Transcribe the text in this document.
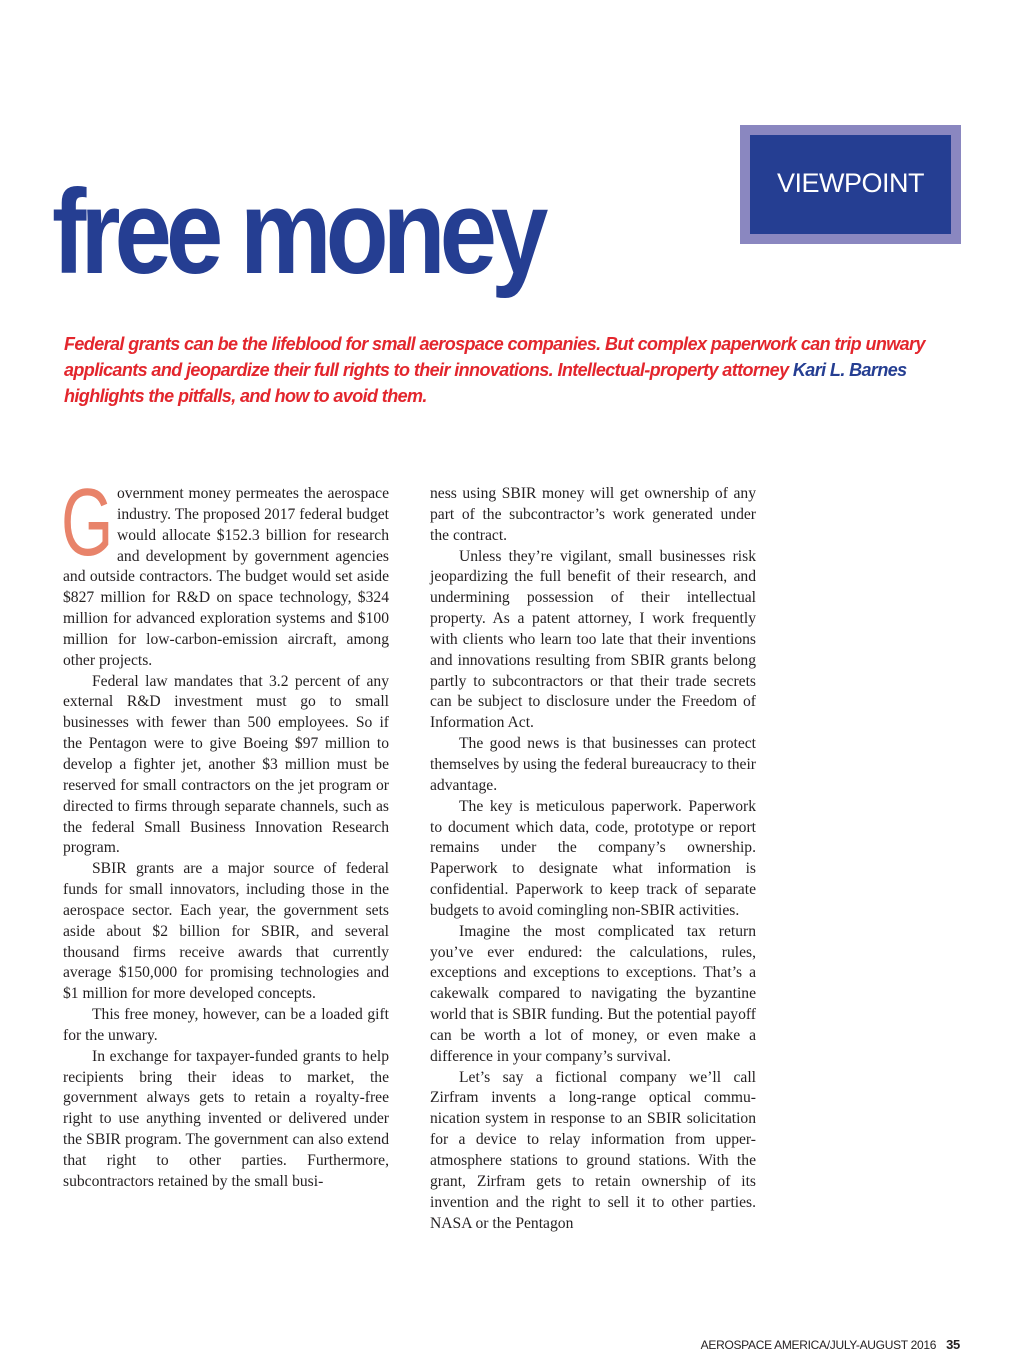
VIEWPOINT
free money

Federal grants can be the lifeblood for small aerospace companies. But complex paperwork can trip unwary applicants and jeopardize their full rights to their innovations. Intellectual-property attorney Kari L. Barnes highlights the pitfalls, and how to avoid them.

Government money permeates the aerospace industry. The proposed 2017 federal budget would allocate $152.3 billion for research and development by government agencies and outside contractors. The budget would set aside $827 million for R&D on space technology, $324 million for advanced exploration systems and $100 million for low-carbon-emission aircraft, among other projects.

Federal law mandates that 3.2 percent of any external R&D investment must go to small businesses with fewer than 500 employees. So if the Pentagon were to give Boeing $97 million to develop a fighter jet, another $3 million must be reserved for small contractors on the jet program or directed to firms through separate channels, such as the federal Small Business Innovation Research program.

SBIR grants are a major source of federal funds for small innovators, including those in the aerospace sector. Each year, the government sets aside about $2 billion for SBIR, and several thousand firms receive awards that currently average $150,000 for promising technologies and $1 million for more developed concepts.

This free money, however, can be a loaded gift for the unwary.

In exchange for taxpayer-funded grants to help recipients bring their ideas to market, the government always gets to retain a royalty-free right to use anything invented or delivered under the SBIR program. The government can also extend that right to other parties. Furthermore, subcontractors retained by the small busi-

ness using SBIR money will get ownership of any part of the subcontractor’s work generated under the contract.

Unless they’re vigilant, small businesses risk jeopardizing the full benefit of their research, and undermining possession of their intellectual property. As a patent attorney, I work frequently with clients who learn too late that their inventions and innovations resulting from SBIR grants belong partly to subcontractors or that their trade secrets can be subject to disclosure under the Freedom of Information Act.

The good news is that businesses can protect themselves by using the federal bureaucracy to their advantage.

The key is meticulous paperwork. Paperwork to document which data, code, prototype or report remains under the company’s ownership. Paperwork to designate what information is confidential. Paperwork to keep track of separate budgets to avoid comingling non-SBIR activities.

Imagine the most complicated tax return you’ve ever endured: the calculations, rules, exceptions and exceptions to exceptions. That’s a cakewalk compared to navigating the byzantine world that is SBIR funding. But the potential payoff can be worth a lot of money, or even make a difference in your company’s survival.

Let’s say a fictional company we’ll call Zirfram invents a long-range optical communication system in response to an SBIR solicitation for a device to relay information from upper-atmosphere stations to ground stations. With the grant, Zirfram gets to retain ownership of its invention and the right to sell it to other parties. NASA or the Pentagon

AEROSPACE AMERICA/JULY-AUGUST 2016 35
